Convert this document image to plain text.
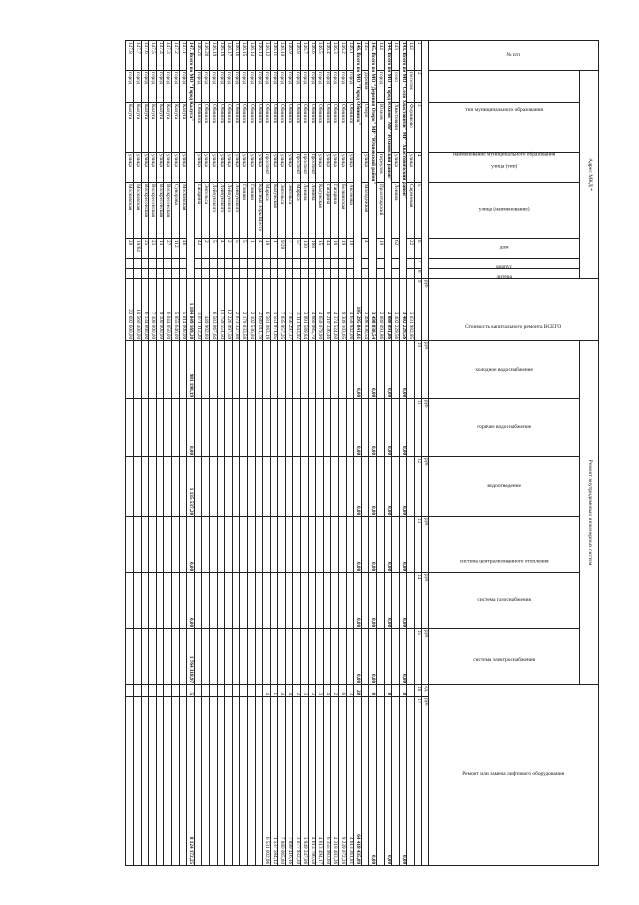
№ п/п	Адрес МКД *							Стоимость капитального ремонта ВСЕГО	Ремонт внутридомовых инженерных систем						Ремонт или замена лифтового оборудования	
	тип муниципального образования	наименование муниципального образования	улица (тип)	улица (наименование)	дом	корпус	литера		холодное водоснабжение	горячее водоснабжение	водоотведение	система централизованного отопления	система газоснабжения	система электроснабжения		
								руб	руб	руб	руб	руб	руб	руб	ед.	руб
1	2	3	4	5	6	7	8	9	10	11	12	13	14	15	16	17
142	поселок	Ферзиково	улица	Сиреневая	22			3 031 982,95								
143. Всего по МО "Село Хвастовичи" МР "Хвастовичский район"								3 402 229,56	0,00	0,00	0,00	0,00	0,00	0,00	0	0,00
143	село	Хвастовичи	улица	Ленина	62			3 402 229,56								
144. Всего по МО "Город Юхнов" МР "Юхновский район"								2 080 091,86	0,00	0,00	0,00	0,00	0,00		0	0,00
144	город	Юхнов	переулок	Пролетарский	19			2 080 091,86								
145. Всего по МО "Деревня Озеро" МР "Юхновский район"								3 498 838,54	0,00	0,00	0,00	0,00	0,00	0,00	0	0,00
145	деревня	Озеро	улица	Молодежная	4			3 498 838,54								
146. Всего по МО "Город Обнинск"								105 295 841,61	0,00	0,00	0,00	0,00	0,00	0,00	28	64 418 435,09
146.1	город	Обнинск	улица	Аксенова	10			4 658 942,08							3	4 613 361,81
146.2	город	Обнинск	улица	Белкинская	19			9 309 103,65							6	9 239 072,28
146.3	город	Обнинск	улица	Гагарина	16			4 374 524,60							2	4 318 483,26
146.4	город	Обнинск	улица	Гагарина	44			6 210 336,46							4	6 155 983,60
146.5	город	Обнинск	улица	Калужская	15			4 659 079,90							3	4 613 494,17
146.6	город	Обнинск	проспект	Ленина	168			4 660 985,70							3	4 613 786,58
146.7	город	Обнинск	проспект	Ленина	130			3 991 589,84							3	3 949 247,06
146.8	город	Обнинск	проспект	Маркса	57			3 113 643,92							2	3 077 932,30
146.9	город	Обнинск	улица	Энгельса	7			7 956 297,37							4	7 899 416,16
146.10	город	Обнинск	улица	Энгельса	9/20			7 935 957,25							4	7 880 065,80
146.11	город	Обнинск	улица	Калужская	1			1 551 971,65							1	1 537 584,12
146.12	город	Обнинск	проспект	Маркса	18			6 581 083,18							4	6 531 002,96
146.13	город	Обнинск	улица	Красных Зорь/Шоссе	4			2 609 011,78								
146.14	город	Обнинск	улица	Глинки	1			2 102 536,04								
146.15	город	Обнинск	улица	Глинки	5			2 170 033,58								
146.16	город	Обнинск	улица	Лейпунского	5			2 073 327,88								
146.17	город	Обнинск	улица	Лейпунского	2			12 226 997,59								
146.18	город	Обнинск	улица	Лейпунского	4			11 759 551,50								
146.19	город	Обнинск	улица	Лейпунского	5			6 583 067,64								
146.20	город	Обнинск	улица	Энгельса	2			449 902,80								
146.21	город	Обнинск	улица	Гагарина	42			3 071 112,20								
147. Всего по МО "Город Калуга"								1 184 849 169,20	981 190,19	0,00	1 135 537,20	0,00	0,00	1 764 318,97	5	8 124 172,25
147.1	город	Калуга	улица	Московская	46			5 014 000,00								
147.2	город	Калуга	улица	Суворова	112			5 855 646,00								
147.3	город	Калуга	улица	Воскресенская	27			6 044 050,00								
147.4	город	Калуга	улица	Воскресенская	14			9 100 000,00								
147.5	город	Калуга	улица	Воскресенская	23			7 300 000,00								
147.6	город	Калуга	улица	Воскресенская	25			6 134 000,00								
147.7	город	Калуга	улица	Московская	18/64			10 560 400,00								
147.8	город	Калуга	улица	Московская	20			22 692 600,00								
